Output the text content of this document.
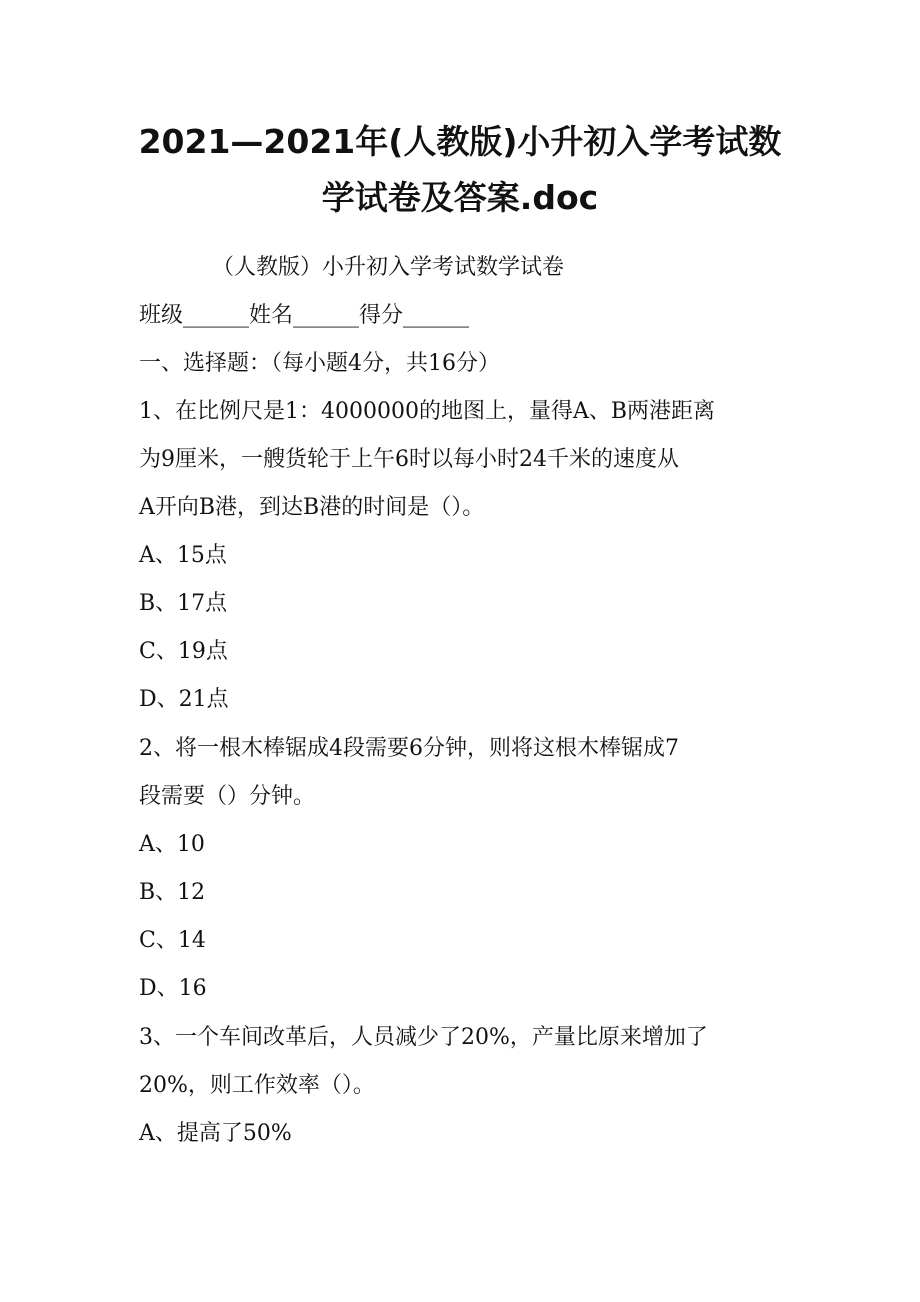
2021—2021年(人教版)小升初入学考试数学试卷及答案.doc

（人教版）小升初入学考试数学试卷

班级______姓名______得分______

一、选择题：（每小题4分，共16分）

1、在比例尺是1：4000000的地图上，量得A、B两港距离

为9厘米，一艘货轮于上午6时以每小时24千米的速度从

A开向B港，到达B港的时间是（）。

A、15点

B、17点

C、19点

D、21点

2、将一根木棒锯成4段需要6分钟，则将这根木棒锯成7

段需要（）分钟。

A、10

B、12

C、14

D、16

3、一个车间改革后，人员减少了20%，产量比原来增加了

20%，则工作效率（）。

A、提高了50%
